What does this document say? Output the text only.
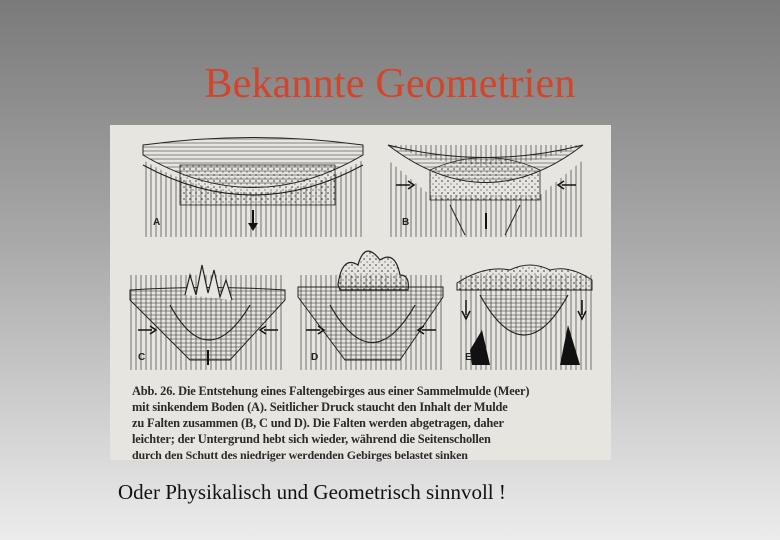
Bekannte Geometrien
A	B
C	D	E
Abb. 26. Die Entstehung eines Faltengebirges aus einer Sammelmulde (Meer)
mit sinkendem Boden (A). Seitlicher Druck staucht den Inhalt der Mulde
zu Falten zusammen (B, C und D). Die Falten werden abgetragen, daher
leichter; der Untergrund hebt sich wieder, während die Seitenschollen
durch den Schutt des niedriger werdenden Gebirges belastet sinken
Oder Physikalisch und Geometrisch sinnvoll !
